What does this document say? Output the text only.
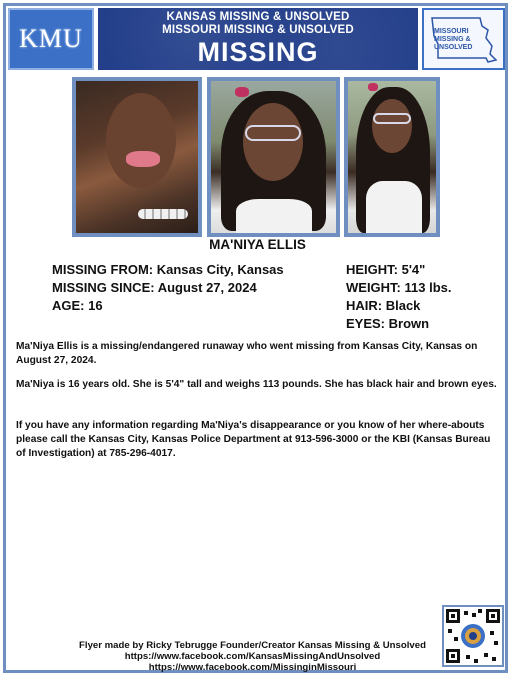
KMU
KANSAS MISSING & UNSOLVED
MISSOURI MISSING & UNSOLVED
MISSING
MISSOURI MISSING & UNSOLVED
MA'NIYA ELLIS
MISSING FROM: Kansas City, Kansas
MISSING SINCE: August 27, 2024
AGE: 16
HEIGHT: 5'4"
WEIGHT: 113 lbs.
HAIR: Black
EYES: Brown

Ma'Niya Ellis is a missing/endangered runaway who went missing from Kansas City, Kansas on August 27, 2024.

Ma'Niya is 16 years old. She is 5'4" tall and weighs 113 pounds. She has black hair and brown eyes.

If you have any information regarding Ma'Niya's disappearance or you know of her where-abouts please call the Kansas City, Kansas Police Department at 913-596-3000 or the KBI (Kansas Bureau of Investigation) at 785-296-4017.

Flyer made by Ricky Tebrugge Founder/Creator Kansas Missing & Unsolved
https://www.facebook.com/KansasMissingAndUnsolved
https://www.facebook.com/MissinginMissouri
